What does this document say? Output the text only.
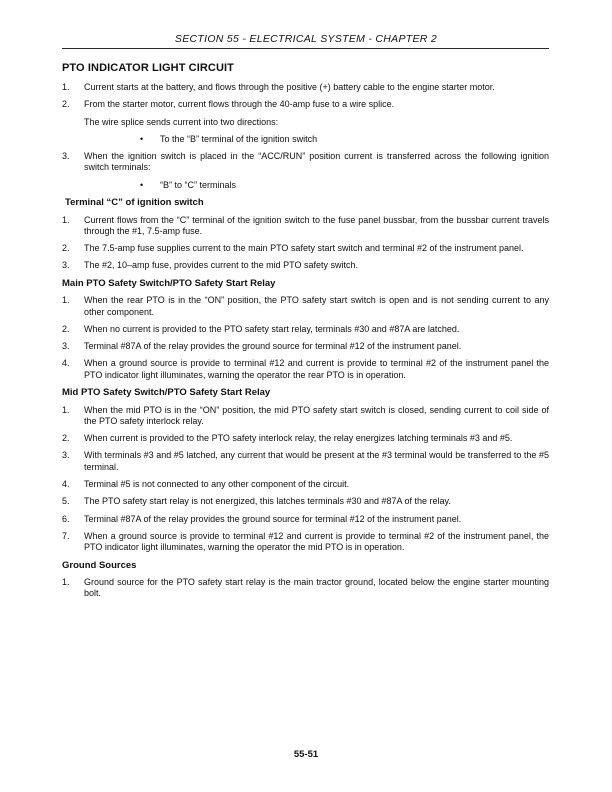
SECTION 55 - ELECTRICAL SYSTEM - CHAPTER 2
PTO INDICATOR LIGHT CIRCUIT
1.	Current starts at the battery, and flows through the positive (+) battery cable to the engine starter motor.
2.	From the starter motor, current flows through the 40-amp fuse to a wire splice.
The wire splice sends current into two directions:
•	To the “B” terminal of the ignition switch
3.	When the ignition switch is placed in the “ACC/RUN” position current is transferred across the following ignition switch terminals:
•	“B” to “C” terminals
Terminal “C” of ignition switch
1.	Current flows from the “C” terminal of the ignition switch to the fuse panel bussbar, from the bussbar current travels through the #1, 7.5-amp fuse.
2.	The 7.5-amp fuse supplies current to the main PTO safety start switch and terminal #2 of the instrument panel.
3.	The #2, 10–amp fuse, provides current to the mid PTO safety switch.
Main PTO Safety Switch/PTO Safety Start Relay
1.	When the rear PTO is in the “ON” position, the PTO safety start switch is open and is not sending current to any other component.
2.	When no current is provided to the PTO safety start relay, terminals #30 and #87A are latched.
3.	Terminal #87A of the relay provides the ground source for terminal #12 of the instrument panel.
4.	When a ground source is provide to terminal #12 and current is provide to terminal #2 of the instrument panel the PTO indicator light illuminates, warning the operator the rear PTO is in operation.
Mid PTO Safety Switch/PTO Safety Start Relay
1.	When the mid PTO is in the “ON” position, the mid PTO safety start switch is closed, sending current to coil side of the PTO safety interlock relay.
2.	When current is provided to the PTO safety interlock relay, the relay energizes latching terminals #3 and #5.
3.	With terminals #3 and #5 latched, any current that would be present at the #3 terminal would be transferred to the #5 terminal.
4.	Terminal #5 is not connected to any other component of the circuit.
5.	The PTO safety start relay is not energized, this latches terminals #30 and #87A of the relay.
6.	Terminal #87A of the relay provides the ground source for terminal #12 of the instrument panel.
7.	When a ground source is provide to terminal #12 and current is provide to terminal #2 of the instrument panel, the PTO indicator light illuminates, warning the operator the mid PTO is in operation.
Ground Sources
1.	Ground source for the PTO safety start relay is the main tractor ground, located below the engine starter mounting bolt.
55-51
